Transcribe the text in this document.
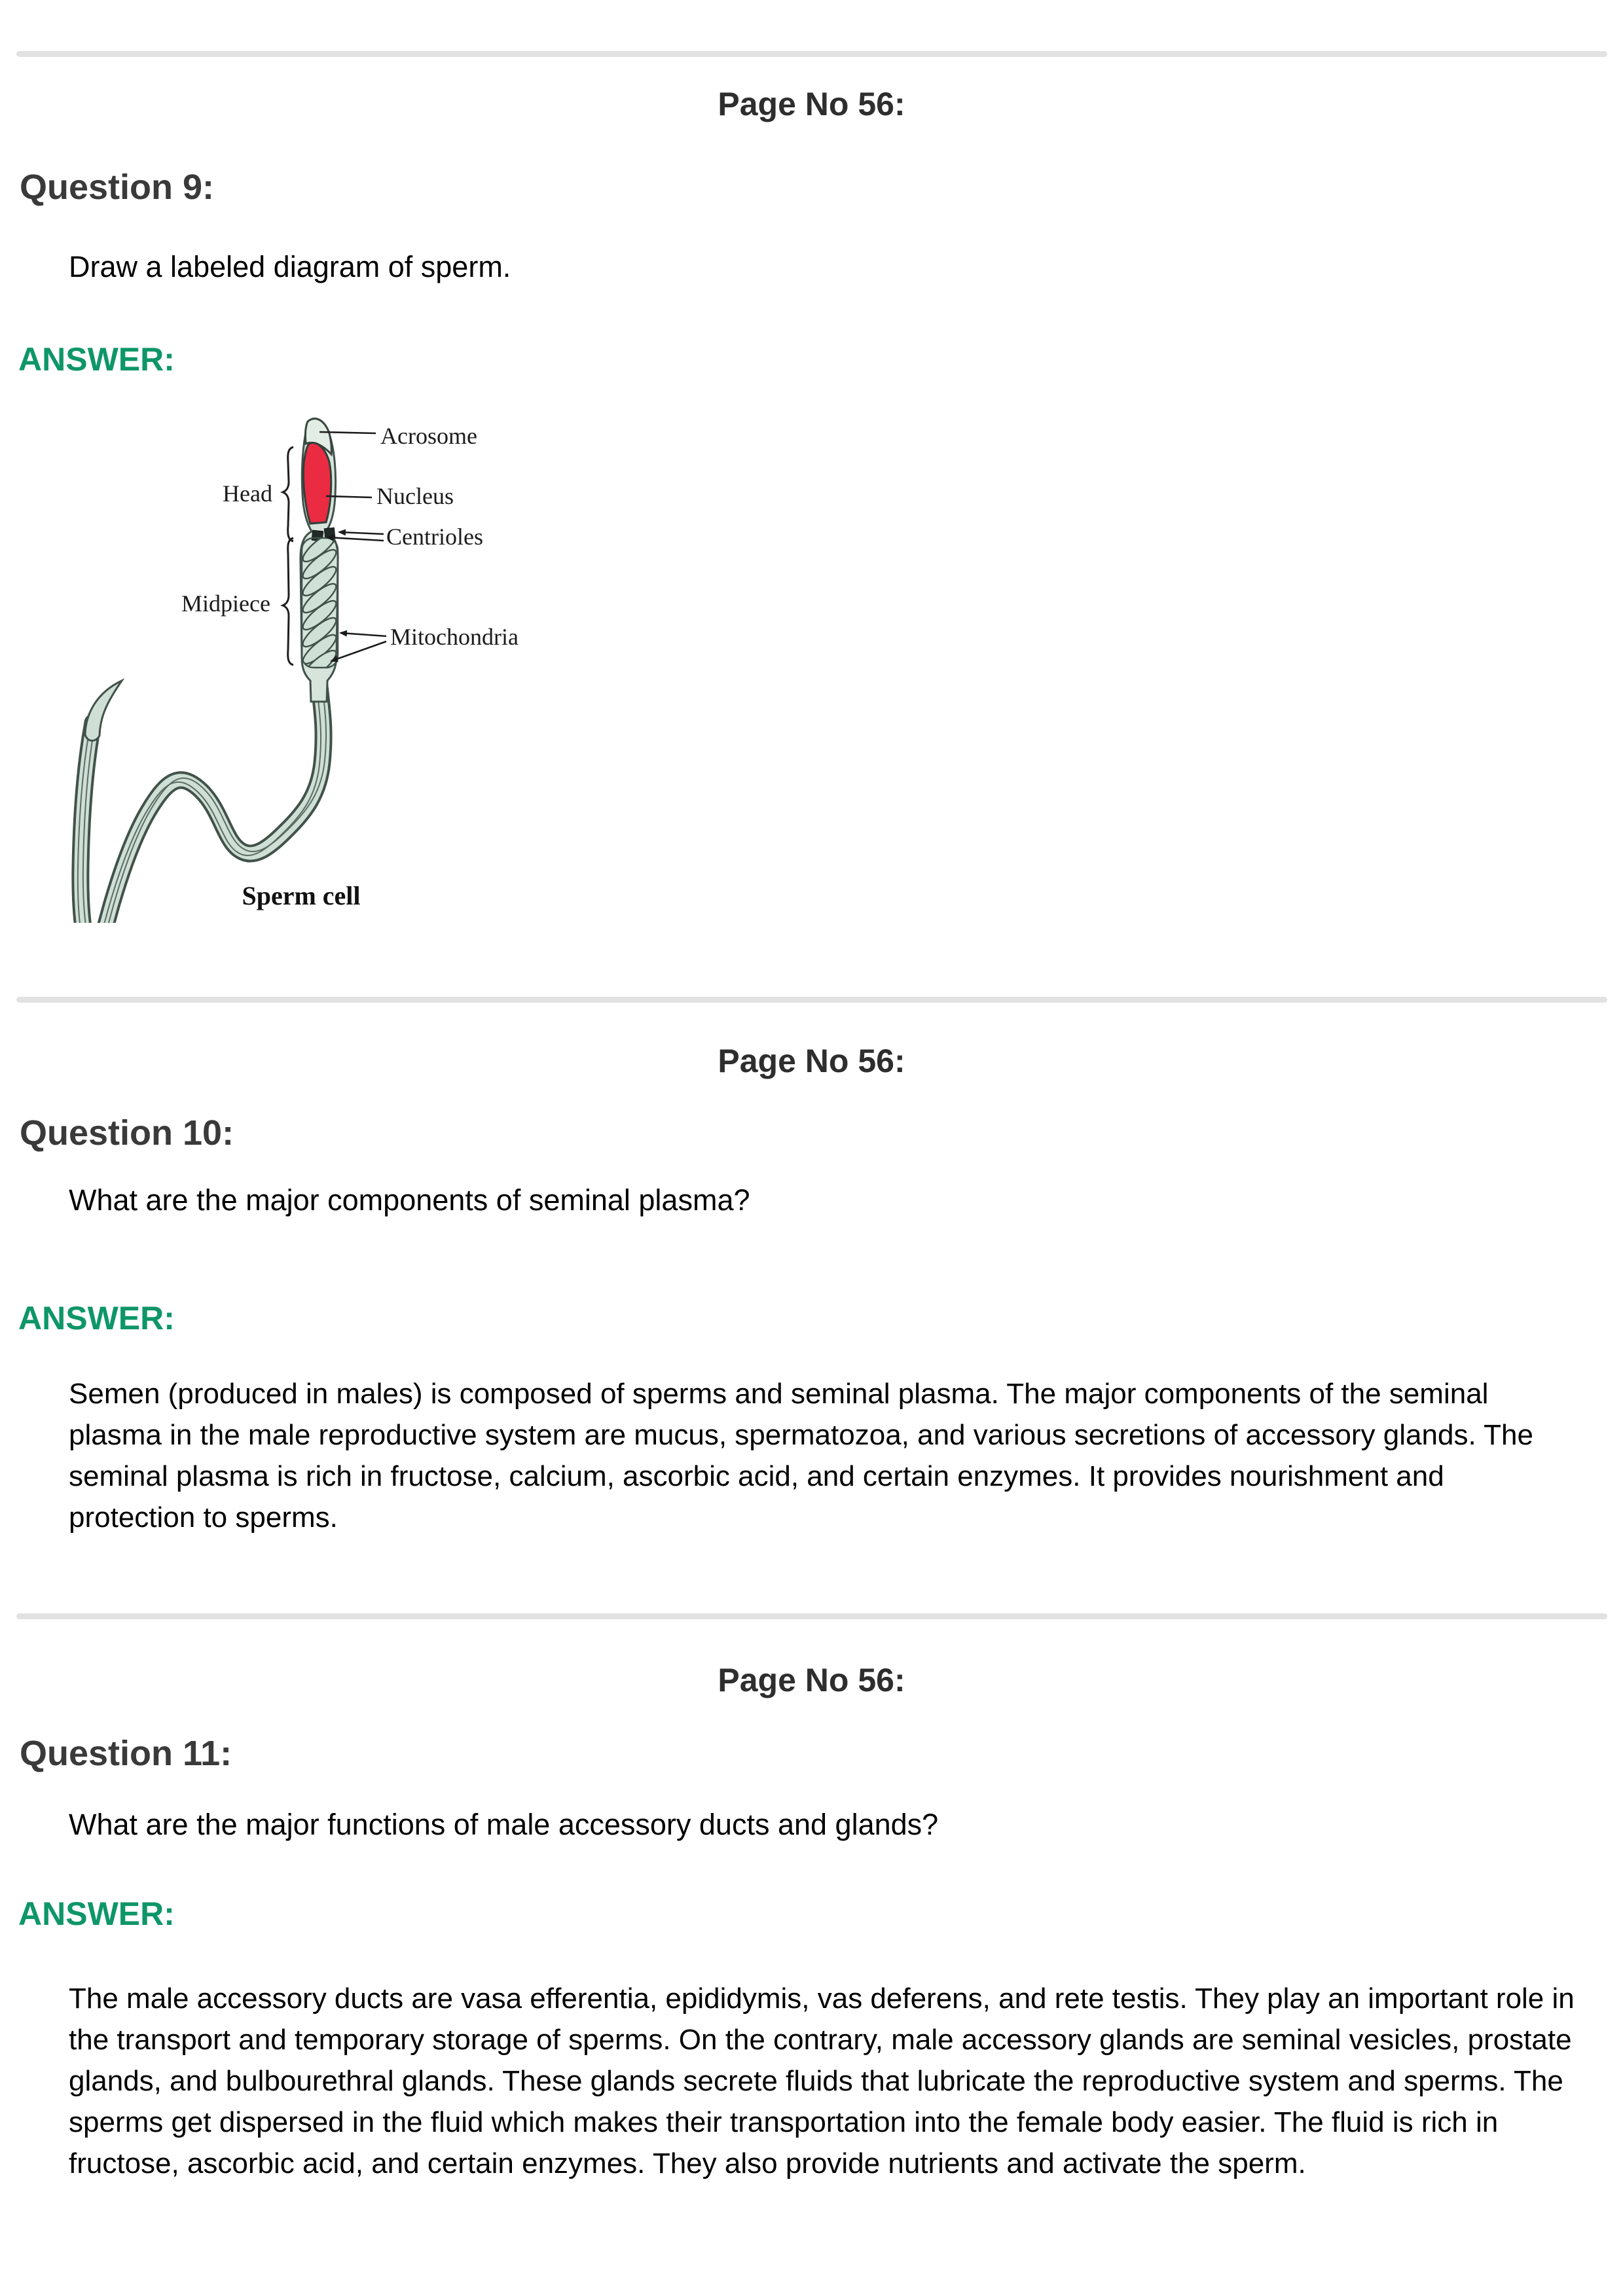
Page No 56:
Question 9:
Draw a labeled diagram of sperm.
ANSWER:
Acrosome
Nucleus
Centrioles
Head
Midpiece
Mitochondria
Sperm cell
Page No 56:
Question 10:
What are the major components of seminal plasma?
ANSWER:
Semen (produced in males) is composed of sperms and seminal plasma. The major components of the seminal plasma in the male reproductive system are mucus, spermatozoa, and various secretions of accessory glands. The seminal plasma is rich in fructose, calcium, ascorbic acid, and certain enzymes. It provides nourishment and protection to sperms.
Page No 56:
Question 11:
What are the major functions of male accessory ducts and glands?
ANSWER:
The male accessory ducts are vasa efferentia, epididymis, vas deferens, and rete testis. They play an important role in the transport and temporary storage of sperms. On the contrary, male accessory glands are seminal vesicles, prostate glands, and bulbourethral glands. These glands secrete fluids that lubricate the reproductive system and sperms. The sperms get dispersed in the fluid which makes their transportation into the female body easier. The fluid is rich in fructose, ascorbic acid, and certain enzymes. They also provide nutrients and activate the sperm.
